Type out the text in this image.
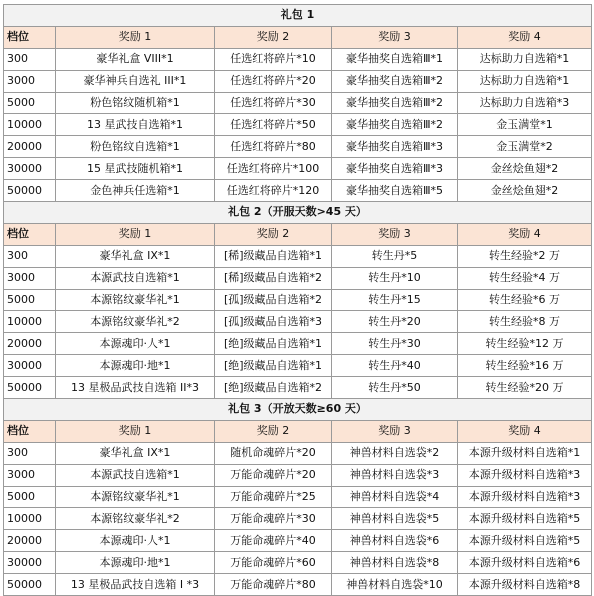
礼包 1				
档位	奖励 1	奖励 2	奖励 3	奖励 4
300	豪华礼盒 VIII*1	任选红将碎片*10	豪华抽奖自选箱Ⅲ*1	达标助力自选箱*1
3000	豪华神兵自选礼 III*1	任选红将碎片*20	豪华抽奖自选箱Ⅲ*2	达标助力自选箱*1
5000	粉色铭纹随机箱*1	任选红将碎片*30	豪华抽奖自选箱Ⅲ*2	达标助力自选箱*3
10000	13 星武技自选箱*1	任选红将碎片*50	豪华抽奖自选箱Ⅲ*2	金玉满堂*1
20000	粉色铭纹自选箱*1	任选红将碎片*80	豪华抽奖自选箱Ⅲ*3	金玉满堂*2
30000	15 星武技随机箱*1	任选红将碎片*100	豪华抽奖自选箱Ⅲ*3	金丝烩鱼翅*2
50000	金色神兵任选箱*1	任选红将碎片*120	豪华抽奖自选箱Ⅲ*5	金丝烩鱼翅*2
礼包 2（开服天数>45 天）				
档位	奖励 1	奖励 2	奖励 3	奖励 4
300	豪华礼盒 IX*1	[稀]级藏品自选箱*1	转生丹*5	转生经验*2 万
3000	本源武技自选箱*1	[稀]级藏品自选箱*2	转生丹*10	转生经验*4 万
5000	本源铭纹豪华礼*1	[孤]级藏品自选箱*2	转生丹*15	转生经验*6 万
10000	本源铭纹豪华礼*2	[孤]级藏品自选箱*3	转生丹*20	转生经验*8 万
20000	本源魂印·人*1	[绝]级藏品自选箱*1	转生丹*30	转生经验*12 万
30000	本源魂印·地*1	[绝]级藏品自选箱*1	转生丹*40	转生经验*16 万
50000	13 星极品武技自选箱 II*3	[绝]级藏品自选箱*2	转生丹*50	转生经验*20 万
礼包 3（开放天数≥60 天）				
档位	奖励 1	奖励 2	奖励 3	奖励 4
300	豪华礼盒 IX*1	随机命魂碎片*20	神兽材料自选袋*2	本源升级材料自选箱*1
3000	本源武技自选箱*1	万能命魂碎片*20	神兽材料自选袋*3	本源升级材料自选箱*3
5000	本源铭纹豪华礼*1	万能命魂碎片*25	神兽材料自选袋*4	本源升级材料自选箱*3
10000	本源铭纹豪华礼*2	万能命魂碎片*30	神兽材料自选袋*5	本源升级材料自选箱*5
20000	本源魂印·人*1	万能命魂碎片*40	神兽材料自选袋*6	本源升级材料自选箱*5
30000	本源魂印·地*1	万能命魂碎片*60	神兽材料自选袋*8	本源升级材料自选箱*6
50000	13 星极品武技自选箱 I *3	万能命魂碎片*80	神兽材料自选袋*10	本源升级材料自选箱*8
